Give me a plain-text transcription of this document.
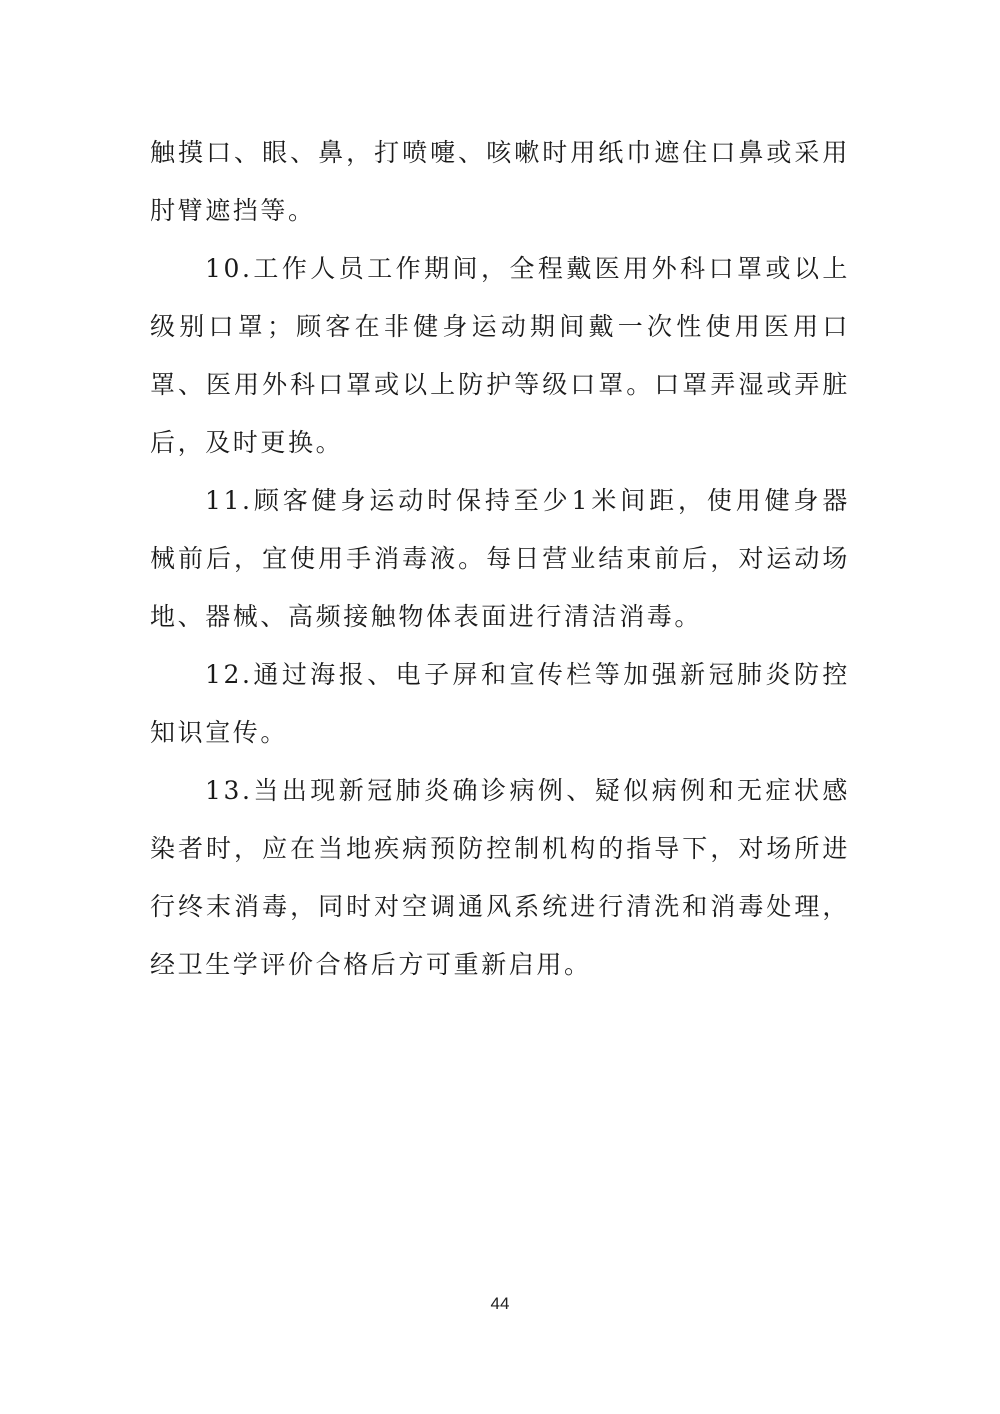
触摸口、眼、鼻，打喷嚏、咳嗽时用纸巾遮住口鼻或采用肘臂遮挡等。

10.工作人员工作期间，全程戴医用外科口罩或以上级别口罩；顾客在非健身运动期间戴一次性使用医用口罩、医用外科口罩或以上防护等级口罩。口罩弄湿或弄脏后，及时更换。

11.顾客健身运动时保持至少1米间距，使用健身器械前后，宜使用手消毒液。每日营业结束前后，对运动场地、器械、高频接触物体表面进行清洁消毒。

12.通过海报、电子屏和宣传栏等加强新冠肺炎防控知识宣传。

13.当出现新冠肺炎确诊病例、疑似病例和无症状感染者时，应在当地疾病预防控制机构的指导下，对场所进行终末消毒，同时对空调通风系统进行清洗和消毒处理，经卫生学评价合格后方可重新启用。

44
